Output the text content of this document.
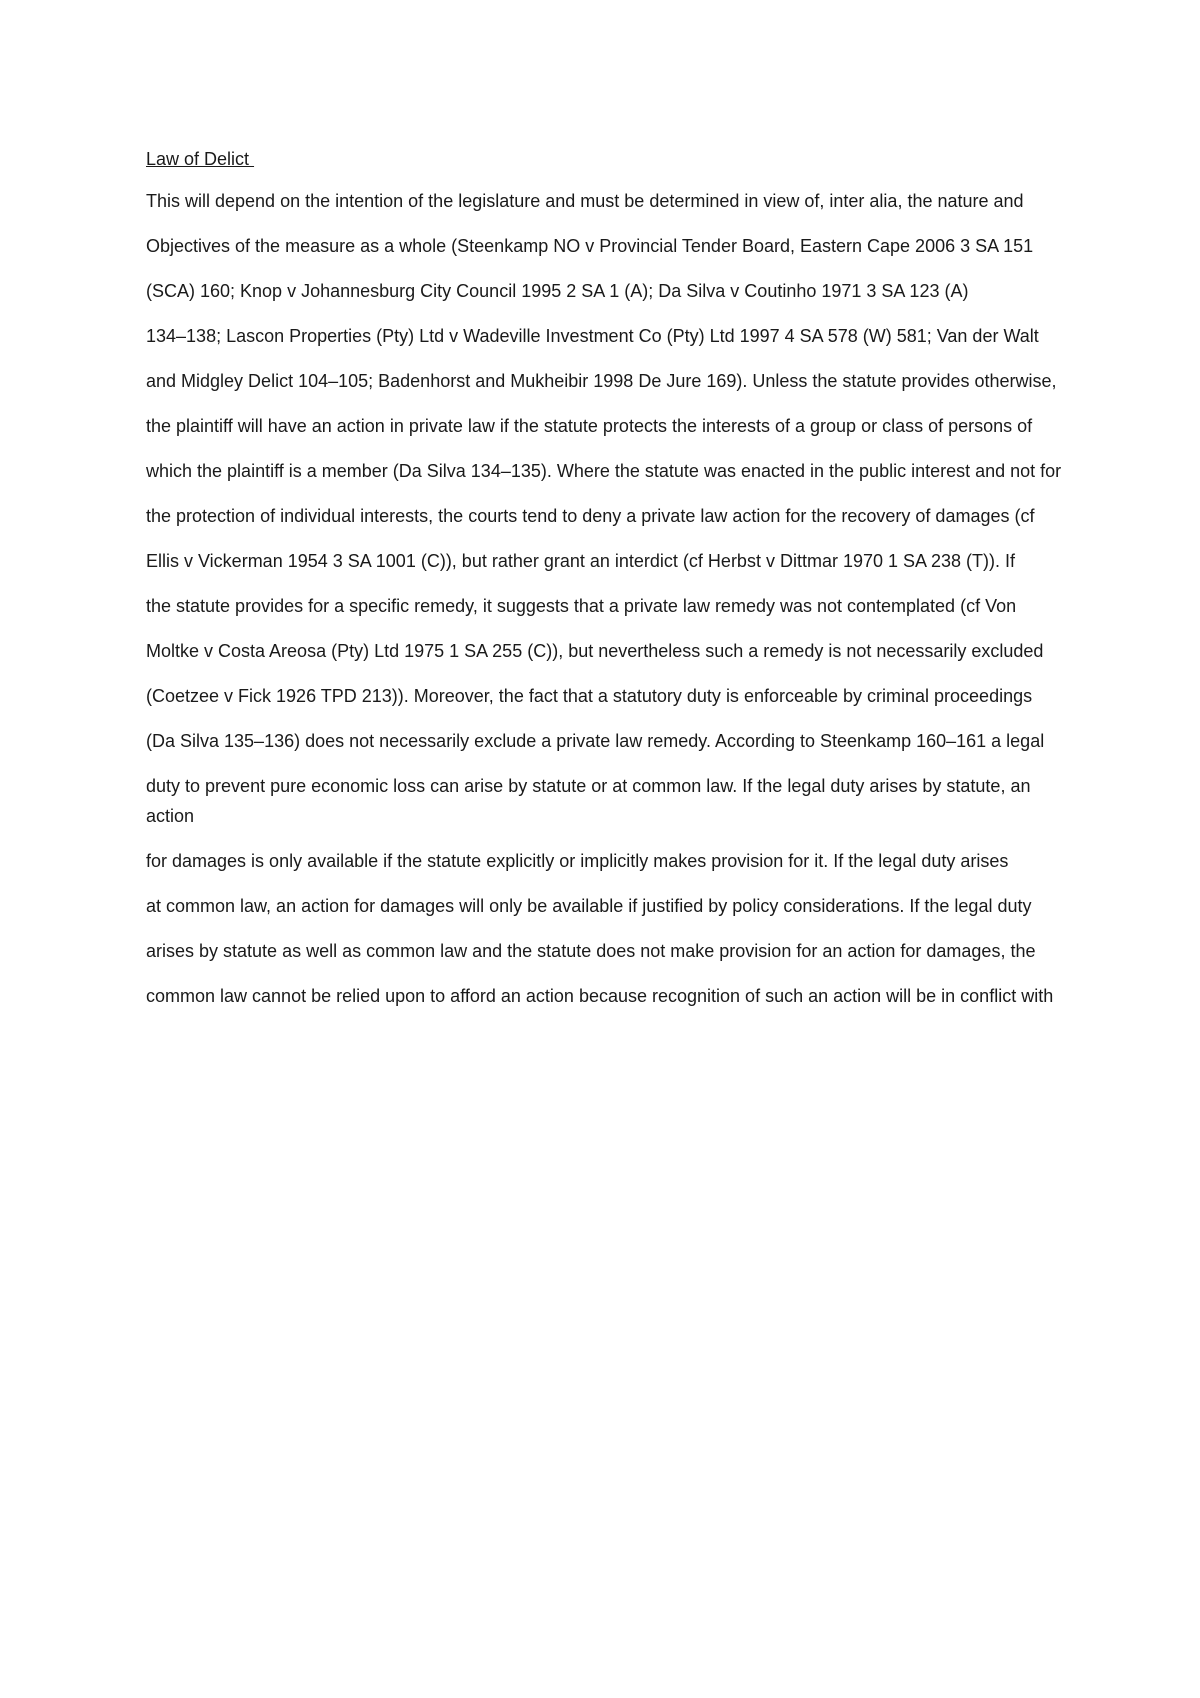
Law of Delict

This will depend on the intention of the legislature and must be determined in view of, inter alia, the nature and

Objectives of the measure as a whole (Steenkamp NO v Provincial Tender Board, Eastern Cape 2006 3 SA 151

(SCA) 160; Knop v Johannesburg City Council 1995 2 SA 1 (A); Da Silva v Coutinho 1971 3 SA 123 (A)

134–138; Lascon Properties (Pty) Ltd v Wadeville Investment Co (Pty) Ltd 1997 4 SA 578 (W) 581; Van der Walt

and Midgley Delict 104–105; Badenhorst and Mukheibir 1998 De Jure 169). Unless the statute provides otherwise,

the plaintiff will have an action in private law if the statute protects the interests of a group or class of persons of

which the plaintiff is a member (Da Silva 134–135). Where the statute was enacted in the public interest and not for

the protection of individual interests, the courts tend to deny a private law action for the recovery of damages (cf

Ellis v Vickerman 1954 3 SA 1001 (C)), but rather grant an interdict (cf Herbst v Dittmar 1970 1 SA 238 (T)). If

the statute provides for a specific remedy, it suggests that a private law remedy was not contemplated (cf Von

Moltke v Costa Areosa (Pty) Ltd 1975 1 SA 255 (C)), but nevertheless such a remedy is not necessarily excluded

(Coetzee v Fick 1926 TPD 213)). Moreover, the fact that a statutory duty is enforceable by criminal proceedings

(Da Silva 135–136) does not necessarily exclude a private law remedy. According to Steenkamp 160–161 a legal

duty to prevent pure economic loss can arise by statute or at common law. If the legal duty arises by statute, an action

for damages is only available if the statute explicitly or implicitly makes provision for it. If the legal duty arises

at common law, an action for damages will only be available if justified by policy considerations. If the legal duty

arises by statute as well as common law and the statute does not make provision for an action for damages, the

common law cannot be relied upon to afford an action because recognition of such an action will be in conflict with
